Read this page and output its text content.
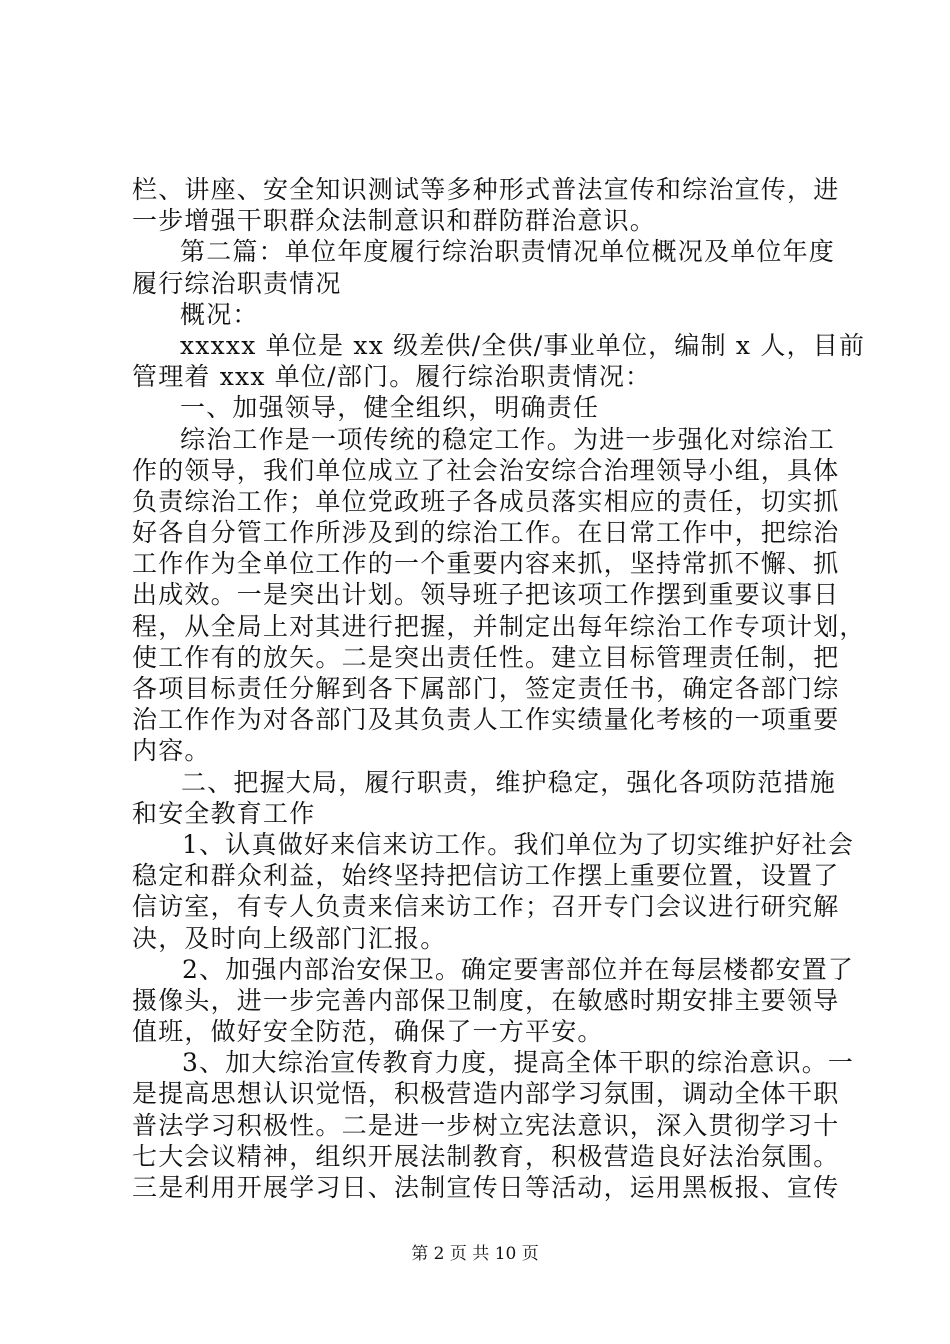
栏、讲座、安全知识测试等多种形式普法宣传和综治宣传，进
一步增强干职群众法制意识和群防群治意识。
第二篇：单位年度履行综治职责情况单位概况及单位年度
履行综治职责情况
概况：
xxxxx 单位是 xx 级差供/全供/事业单位，编制 x 人，目前
管理着 xxx 单位/部门。履行综治职责情况：
一、加强领导，健全组织，明确责任
综治工作是一项传统的稳定工作。为进一步强化对综治工
作的领导，我们单位成立了社会治安综合治理领导小组，具体
负责综治工作；单位党政班子各成员落实相应的责任，切实抓
好各自分管工作所涉及到的综治工作。在日常工作中，把综治
工作作为全单位工作的一个重要内容来抓，坚持常抓不懈、抓
出成效。一是突出计划。领导班子把该项工作摆到重要议事日
程，从全局上对其进行把握，并制定出每年综治工作专项计划，
使工作有的放矢。二是突出责任性。建立目标管理责任制，把
各项目标责任分解到各下属部门，签定责任书，确定各部门综
治工作作为对各部门及其负责人工作实绩量化考核的一项重要
内容。
二、把握大局，履行职责，维护稳定，强化各项防范措施
和安全教育工作
1、认真做好来信来访工作。我们单位为了切实维护好社会
稳定和群众利益，始终坚持把信访工作摆上重要位置，设置了
信访室，有专人负责来信来访工作；召开专门会议进行研究解
决，及时向上级部门汇报。
2、加强内部治安保卫。确定要害部位并在每层楼都安置了
摄像头，进一步完善内部保卫制度，在敏感时期安排主要领导
值班，做好安全防范，确保了一方平安。
3、加大综治宣传教育力度，提高全体干职的综治意识。一
是提高思想认识觉悟，积极营造内部学习氛围，调动全体干职
普法学习积极性。二是进一步树立宪法意识，深入贯彻学习十
七大会议精神，组织开展法制教育，积极营造良好法治氛围。
三是利用开展学习日、法制宣传日等活动，运用黑板报、宣传
第 2 页 共 10 页
